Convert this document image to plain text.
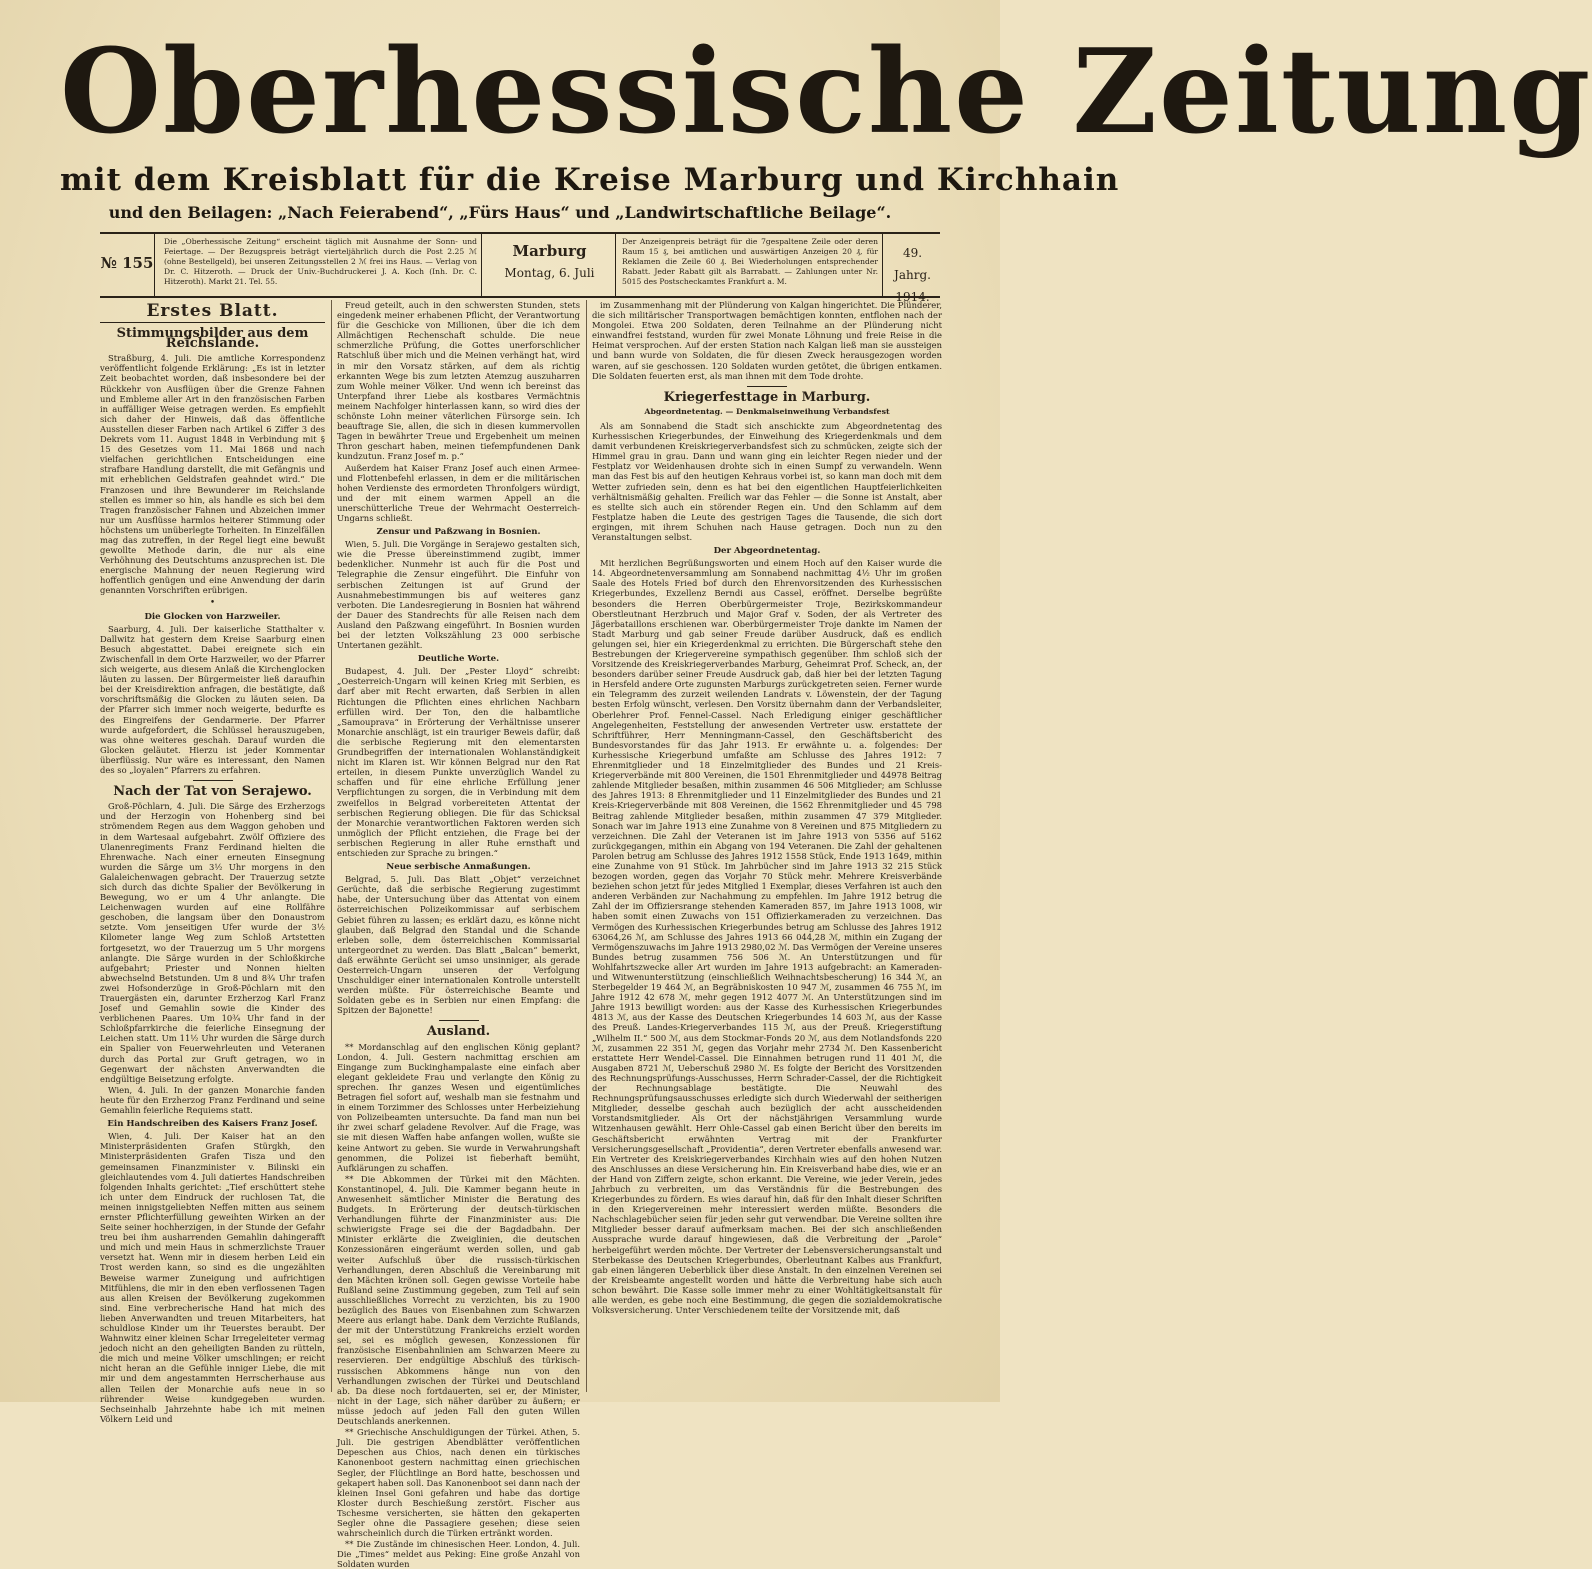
Oberhessische Zeitung
mit dem Kreisblatt für die Kreise Marburg und Kirchhain
und den Beilagen: „Nach Feierabend“, „Fürs Haus“ und „Landwirtschaftliche Beilage“.
№ 155
Die „Oberhessische Zeitung“ erscheint täglich mit Ausnahme der Sonn- und Feiertage. — Der Bezugspreis beträgt vierteljährlich durch die Post 2.25 ℳ (ohne Bestellgeld), bei unseren Zeitungsstellen 2 ℳ frei ins Haus. — Verlag von Dr. C. Hitzeroth. — Druck der Univ.-Buchdruckerei J. A. Koch (Inh. Dr. C. Hitzeroth). Markt 21. Tel. 55.
Marburg
Montag, 6. Juli
Der Anzeigenpreis beträgt für die 7gespaltene Zeile oder deren Raum 15 ₰, bei amtlichen und auswärtigen Anzeigen 20 ₰, für Reklamen die Zeile 60 ₰. Bei Wiederholungen entsprechender Rabatt. Jeder Rabatt gilt als Barrabatt. — Zahlungen unter Nr. 5015 des Postscheckamtes Frankfurt a. M.
49. Jahrg.
1914.
Erstes Blatt.
Stimmungsbilder aus dem Reichslande.

Straßburg, 4. Juli. Die amtliche Korrespondenz veröffentlicht folgende Erklärung: „Es ist in letzter Zeit beobachtet worden, daß insbesondere bei der Rückkehr von Ausflügen über die Grenze Fahnen und Embleme aller Art in den französischen Farben in auffälliger Weise getragen werden. Es empfiehlt sich daher der Hinweis, daß das öffentliche Ausstellen dieser Farben nach Artikel 6 Ziffer 3 des Dekrets vom 11. August 1848 in Verbindung mit § 15 des Gesetzes vom 11. Mai 1868 und nach vielfachen gerichtlichen Entscheidungen eine strafbare Handlung darstellt, die mit Gefängnis und mit erheblichen Geldstrafen geahndet wird.“ Die Franzosen und ihre Bewunderer im Reichslande stellen es immer so hin, als handle es sich bei dem Tragen französischer Fahnen und Abzeichen immer nur um Ausflüsse harmlos heiterer Stimmung oder höchstens um unüberlegte Torheiten. In Einzelfällen mag das zutreffen, in der Regel liegt eine bewußt gewollte Methode darin, die nur als eine Verhöhnung des Deutschtums anzusprechen ist. Die energische Mahnung der neuen Regierung wird hoffentlich genügen und eine Anwendung der darin genannten Vorschriften erübrigen.

•
Die Glocken von Harzweiler.

Saarburg, 4. Juli. Der kaiserliche Statthalter v. Dallwitz hat gestern dem Kreise Saarburg einen Besuch abgestattet. Dabei ereignete sich ein Zwischenfall in dem Orte Harzweiler, wo der Pfarrer sich weigerte, aus diesem Anlaß die Kirchenglocken läuten zu lassen. Der Bürgermeister ließ daraufhin bei der Kreisdirektion anfragen, die bestätigte, daß vorschriftsmäßig die Glocken zu läuten seien. Da der Pfarrer sich immer noch weigerte, bedurfte es des Eingreifens der Gendarmerie. Der Pfarrer wurde aufgefordert, die Schlüssel herauszugeben, was ohne weiteres geschah. Darauf wurden die Glocken geläutet. Hierzu ist jeder Kommentar überflüssig. Nur wäre es interessant, den Namen des so „loyalen“ Pfarrers zu erfahren.

Nach der Tat von Serajewo.

Groß-Pöchlarn, 4. Juli. Die Särge des Erzherzogs und der Herzogin von Hohenberg sind bei strömendem Regen aus dem Waggon gehoben und in dem Wartesaal aufgebahrt. Zwölf Offiziere des Ulanenregiments Franz Ferdinand hielten die Ehrenwache. Nach einer erneuten Einsegnung wurden die Särge um 3½ Uhr morgens in den Galaleichenwagen gebracht. Der Trauerzug setzte sich durch das dichte Spalier der Bevölkerung in Bewegung, wo er um 4 Uhr anlangte. Die Leichenwagen wurden auf eine Rollfähre geschoben, die langsam über den Donaustrom setzte. Vom jenseitigen Ufer wurde der 3½ Kilometer lange Weg zum Schloß Artstetten fortgesetzt, wo der Trauerzug um 5 Uhr morgens anlangte. Die Särge wurden in der Schloßkirche aufgebahrt; Priester und Nonnen hielten abwechselnd Betstunden. Um 8 und 8¾ Uhr trafen zwei Hofsonderzüge in Groß-Pöchlarn mit den Trauergästen ein, darunter Erzherzog Karl Franz Josef und Gemahlin sowie die Kinder des verblichenen Paares. Um 10¾ Uhr fand in der Schloßpfarrkirche die feierliche Einsegnung der Leichen statt. Um 11½ Uhr wurden die Särge durch ein Spalier von Feuerwehrleuten und Veteranen durch das Portal zur Gruft getragen, wo in Gegenwart der nächsten Anverwandten die endgültige Beisetzung erfolgte.

Wien, 4. Juli. In der ganzen Monarchie fanden heute für den Erzherzog Franz Ferdinand und seine Gemahlin feierliche Requiems statt.

Ein Handschreiben des Kaisers Franz Josef.

Wien, 4. Juli. Der Kaiser hat an den Ministerpräsidenten Grafen Stürgkh, den Ministerpräsidenten Grafen Tisza und den gemeinsamen Finanzminister v. Bilinski ein gleichlautendes vom 4. Juli datiertes Handschreiben folgenden Inhalts gerichtet: „Tief erschüttert stehe ich unter dem Eindruck der ruchlosen Tat, die meinen innigstgeliebten Neffen mitten aus seinem ernster Pflichterfüllung geweihten Wirken an der Seite seiner hochherzigen, in der Stunde der Gefahr treu bei ihm ausharrenden Gemahlin dahingerafft und mich und mein Haus in schmerzlichste Trauer versetzt hat. Wenn mir in diesem herben Leid ein Trost werden kann, so sind es die ungezählten Beweise warmer Zuneigung und aufrichtigen Mitfühlens, die mir in den eben verflossenen Tagen aus allen Kreisen der Bevölkerung zugekommen sind. Eine verbrecherische Hand hat mich des lieben Anverwandten und treuen Mitarbeiters, hat schuldlose Kinder um ihr Teuerstes beraubt. Der Wahnwitz einer kleinen Schar Irregeleiteter vermag jedoch nicht an den geheiligten Banden zu rütteln, die mich und meine Völker umschlingen; er reicht nicht heran an die Gefühle inniger Liebe, die mit mir und dem angestammten Herrscherhause aus allen Teilen der Monarchie aufs neue in so rührender Weise kundgegeben wurden. Sechseinhalb Jahrzehnte habe ich mit meinen Völkern Leid und

Freud geteilt, auch in den schwersten Stunden, stets eingedenk meiner erhabenen Pflicht, der Verantwortung für die Geschicke von Millionen, über die ich dem Allmächtigen Rechenschaft schulde. Die neue schmerzliche Prüfung, die Gottes unerforschlicher Ratschluß über mich und die Meinen verhängt hat, wird in mir den Vorsatz stärken, auf dem als richtig erkannten Wege bis zum letzten Atemzug auszuharren zum Wohle meiner Völker. Und wenn ich bereinst das Unterpfand ihrer Liebe als kostbares Vermächtnis meinem Nachfolger hinterlassen kann, so wird dies der schönste Lohn meiner väterlichen Fürsorge sein. Ich beauftrage Sie, allen, die sich in diesen kummervollen Tagen in bewährter Treue und Ergebenheit um meinen Thron geschart haben, meinen tiefempfundenen Dank kundzutun. Franz Josef m. p.“

Außerdem hat Kaiser Franz Josef auch einen Armee- und Flottenbefehl erlassen, in dem er die militärischen hohen Verdienste des ermordeten Thronfolgers würdigt, und der mit einem warmen Appell an die unerschütterliche Treue der Wehrmacht Oesterreich-Ungarns schließt.

Zensur und Paßzwang in Bosnien.

Wien, 5. Juli. Die Vorgänge in Serajewo gestalten sich, wie die Presse übereinstimmend zugibt, immer bedenklicher. Nunmehr ist auch für die Post und Telegraphie die Zensur eingeführt. Die Einfuhr von serbischen Zeitungen ist auf Grund der Ausnahmebestimmungen bis auf weiteres ganz verboten. Die Landesregierung in Bosnien hat während der Dauer des Standrechts für alle Reisen nach dem Ausland den Paßzwang eingeführt. In Bosnien wurden bei der letzten Volkszählung 23 000 serbische Untertanen gezählt.

Deutliche Worte.

Budapest, 4. Juli. Der „Pester Lloyd“ schreibt: „Oesterreich-Ungarn will keinen Krieg mit Serbien, es darf aber mit Recht erwarten, daß Serbien in allen Richtungen die Pflichten eines ehrlichen Nachbarn erfüllen wird. Der Ton, den die halbamtliche „Samouprava“ in Erörterung der Verhältnisse unserer Monarchie anschlägt, ist ein trauriger Beweis dafür, daß die serbische Regierung mit den elementarsten Grundbegriffen der internationalen Wohlanständigkeit nicht im Klaren ist. Wir können Belgrad nur den Rat erteilen, in diesem Punkte unverzüglich Wandel zu schaffen und für eine ehrliche Erfüllung jener Verpflichtungen zu sorgen, die in Verbindung mit dem zweifellos in Belgrad vorbereiteten Attentat der serbischen Regierung obliegen. Die für das Schicksal der Monarchie verantwortlichen Faktoren werden sich unmöglich der Pflicht entziehen, die Frage bei der serbischen Regierung in aller Ruhe ernsthaft und entschieden zur Sprache zu bringen.“

Neue serbische Anmaßungen.

Belgrad, 5. Juli. Das Blatt „Objet“ verzeichnet Gerüchte, daß die serbische Regierung zugestimmt habe, der Untersuchung über das Attentat von einem österreichischen Polizeikommissar auf serbischem Gebiet führen zu lassen; es erklärt dazu, es könne nicht glauben, daß Belgrad den Standal und die Schande erleben solle, dem österreichischen Kommissarial untergeordnet zu werden. Das Blatt „Balcan“ bemerkt, daß erwähnte Gerücht sei umso unsinniger, als gerade Oesterreich-Ungarn unseren der Verfolgung Unschuldiger einer internationalen Kontrolle unterstellt werden müßte. Für österreichische Beamte und Soldaten gebe es in Serbien nur einen Empfang: die Spitzen der Bajonette!

Ausland.

** Mordanschlag auf den englischen König geplant? London, 4. Juli. Gestern nachmittag erschien am Eingange zum Buckinghampalaste eine einfach aber elegant gekleidete Frau und verlangte den König zu sprechen. Ihr ganzes Wesen und eigentümliches Betragen fiel sofort auf, weshalb man sie festnahm und in einem Torzimmer des Schlosses unter Herbeiziehung von Polizeibeamten untersuchte. Da fand man nun bei ihr zwei scharf geladene Revolver. Auf die Frage, was sie mit diesen Waffen habe anfangen wollen, wußte sie keine Antwort zu geben. Sie wurde in Verwahrungshaft genommen, die Polizei ist fieberhaft bemüht, Aufklärungen zu schaffen.

** Die Abkommen der Türkei mit den Mächten. Konstantinopel, 4. Juli. Die Kammer begann heute in Anwesenheit sämtlicher Minister die Beratung des Budgets. In Erörterung der deutsch-türkischen Verhandlungen führte der Finanzminister aus: Die schwierigste Frage sei die der Bagdadbahn. Der Minister erklärte die Zweiglinien, die deutschen Konzessionären eingeräumt werden sollen, und gab weiter Aufschluß über die russisch-türkischen Verhandlungen, deren Abschluß die Vereinbarung mit den Mächten krönen soll. Gegen gewisse Vorteile habe Rußland seine Zustimmung gegeben, zum Teil auf sein ausschließliches Vorrecht zu verzichten, bis zu 1900 bezüglich des Baues von Eisenbahnen zum Schwarzen Meere aus erlangt habe. Dank dem Verzichte Rußlands, der mit der Unterstützung Frankreichs erzielt worden sei, sei es möglich gewesen, Konzessionen für französische Eisenbahnlinien am Schwarzen Meere zu reservieren. Der endgültige Abschluß des türkisch-russischen Abkommens hänge nun von den Verhandlungen zwischen der Türkei und Deutschland ab. Da diese noch fortdauerten, sei er, der Minister, nicht in der Lage, sich näher darüber zu äußern; er müsse jedoch auf jeden Fall den guten Willen Deutschlands anerkennen.

** Griechische Anschuldigungen der Türkei. Athen, 5. Juli. Die gestrigen Abendblätter veröffentlichen Depeschen aus Chios, nach denen ein türkisches Kanonenboot gestern nachmittag einen griechischen Segler, der Flüchtlinge an Bord hatte, beschossen und gekapert haben soll. Das Kanonenboot sei dann nach der kleinen Insel Goni gefahren und habe das dortige Kloster durch Beschießung zerstört. Fischer aus Tschesme versicherten, sie hätten den gekaperten Segler ohne die Passagiere gesehen; diese seien wahrscheinlich durch die Türken ertränkt worden.

** Die Zustände im chinesischen Heer. London, 4. Juli. Die „Times“ meldet aus Peking: Eine große Anzahl von Soldaten wurden

im Zusammenhang mit der Plünderung von Kalgan hingerichtet. Die Plünderer, die sich militärischer Transportwagen bemächtigen konnten, entflohen nach der Mongolei. Etwa 200 Soldaten, deren Teilnahme an der Plünderung nicht einwandfrei feststand, wurden für zwei Monate Löhnung und freie Reise in die Heimat versprochen. Auf der ersten Station nach Kalgan ließ man sie aussteigen und bann wurde von Soldaten, die für diesen Zweck herausgezogen worden waren, auf sie geschossen. 120 Soldaten wurden getötet, die übrigen entkamen. Die Soldaten feuerten erst, als man ihnen mit dem Tode drohte.

Kriegerfesttage in Marburg.
Abgeordnetentag. — Denkmalseinweihung Verbandsfest

Als am Sonnabend die Stadt sich anschickte zum Abgeordnetentag des Kurhessischen Kriegerbundes, der Einweihung des Kriegerdenkmals und dem damit verbundenen Kreiskriegerverbandsfest sich zu schmücken, zeigte sich der Himmel grau in grau. Dann und wann ging ein leichter Regen nieder und der Festplatz vor Weidenhausen drohte sich in einen Sumpf zu verwandeln. Wenn man das Fest bis auf den heutigen Kehraus vorbei ist, so kann man doch mit dem Wetter zufrieden sein, denn es hat bei den eigentlichen Hauptfeierlichkeiten verhältnismäßig gehalten. Freilich war das Fehler — die Sonne ist Anstalt, aber es stellte sich auch ein störender Regen ein. Und den Schlamm auf dem Festplatze haben die Leute des gestrigen Tages die Tausende, die sich dort ergingen, mit ihrem Schuhen nach Hause getragen. Doch nun zu den Veranstaltungen selbst.

Der Abgeordnetentag.

Mit herzlichen Begrüßungsworten und einem Hoch auf den Kaiser wurde die 14. Abgeordnetenversammlung am Sonnabend nachmittag 4½ Uhr im großen Saale des Hotels Fried bof durch den Ehrenvorsitzenden des Kurhessischen Kriegerbundes, Exzellenz Berndi aus Cassel, eröffnet. Derselbe begrüßte besonders die Herren Oberbürgermeister Troje, Bezirkskommandeur Oberstleutnant Herzbruch und Major Graf v. Soden, der als Vertreter des Jägerbataillons erschienen war. Oberbürgermeister Troje dankte im Namen der Stadt Marburg und gab seiner Freude darüber Ausdruck, daß es endlich gelungen sei, hier ein Kriegerdenkmal zu errichten. Die Bürgerschaft stehe den Bestrebungen der Kriegervereine sympathisch gegenüber. Ihm schloß sich der Vorsitzende des Kreiskriegerverbandes Marburg, Geheimrat Prof. Scheck, an, der besonders darüber seiner Freude Ausdruck gab, daß hier bei der letzten Tagung in Hersfeld andere Orte zugunsten Marburgs zurückgetreten seien. Ferner wurde ein Telegramm des zurzeit weilenden Landrats v. Löwenstein, der der Tagung besten Erfolg wünscht, verlesen. Den Vorsitz übernahm dann der Verbandsleiter, Oberlehrer Prof. Fennel-Cassel. Nach Erledigung einiger geschäftlicher Angelegenheiten, Feststellung der anwesenden Vertreter usw. erstattete der Schriftführer, Herr Menningmann-Cassel, den Geschäftsbericht des Bundesvorstandes für das Jahr 1913. Er erwähnte u. a. folgendes: Der Kurhessische Kriegerbund umfaßte am Schlusse des Jahres 1912: 7 Ehrenmitglieder und 18 Einzelmitglieder des Bundes und 21 Kreis-Kriegerverbände mit 800 Vereinen, die 1501 Ehrenmitglieder und 44978 Beitrag zahlende Mitglieder besaßen, mithin zusammen 46 506 Mitglieder; am Schlusse des Jahres 1913: 8 Ehrenmitglieder und 11 Einzelmitglieder des Bundes und 21 Kreis-Kriegerverbände mit 808 Vereinen, die 1562 Ehrenmitglieder und 45 798 Beitrag zahlende Mitglieder besaßen, mithin zusammen 47 379 Mitglieder. Sonach war im Jahre 1913 eine Zunahme von 8 Vereinen und 875 Mitgliedern zu verzeichnen. Die Zahl der Veteranen ist im Jahre 1913 von 5356 auf 5162 zurückgegangen, mithin ein Abgang von 194 Veteranen. Die Zahl der gehaltenen Parolen betrug am Schlusse des Jahres 1912 1558 Stück, Ende 1913 1649, mithin eine Zunahme von 91 Stück. Im Jahrbücher sind im Jahre 1913 32 215 Stück bezogen worden, gegen das Vorjahr 70 Stück mehr. Mehrere Kreisverbände beziehen schon jetzt für jedes Mitglied 1 Exemplar, dieses Verfahren ist auch den anderen Verbänden zur Nachahmung zu empfehlen. Im Jahre 1912 betrug die Zahl der im Offiziersrange stehenden Kameraden 857, im Jahre 1913 1008, wir haben somit einen Zuwachs von 151 Offizierkameraden zu verzeichnen. Das Vermögen des Kurhessischen Kriegerbundes betrug am Schlusse des Jahres 1912 63064,26 ℳ, am Schlusse des Jahres 1913 66 044,28 ℳ, mithin ein Zugang der Vermögenszuwachs im Jahre 1913 2980,02 ℳ. Das Vermögen der Vereine unseres Bundes betrug zusammen 756 506 ℳ. An Unterstützungen und für Wohlfahrtszwecke aller Art wurden im Jahre 1913 aufgebracht: an Kameraden- und Witwenunterstützung (einschließlich Weihnachtsbescherung) 16 344 ℳ, an Sterbegelder 19 464 ℳ, an Begräbniskosten 10 947 ℳ, zusammen 46 755 ℳ, im Jahre 1912 42 678 ℳ, mehr gegen 1912 4077 ℳ. An Unterstützungen sind im Jahre 1913 bewilligt worden: aus der Kasse des Kurhessischen Kriegerbundes 4813 ℳ, aus der Kasse des Deutschen Kriegerbundes 14 603 ℳ, aus der Kasse des Preuß. Landes-Kriegerverbandes 115 ℳ, aus der Preuß. Kriegerstiftung „Wilhelm II.“ 500 ℳ, aus dem Stockmar-Fonds 20 ℳ, aus dem Notlandsfonds 220 ℳ, zusammen 22 351 ℳ, gegen das Vorjahr mehr 2734 ℳ. Den Kassenbericht erstattete Herr Wendel-Cassel. Die Einnahmen betrugen rund 11 401 ℳ, die Ausgaben 8721 ℳ, Ueberschuß 2980 ℳ. Es folgte der Bericht des Vorsitzenden des Rechnungsprüfungs-Ausschusses, Herrn Schrader-Cassel, der die Richtigkeit der Rechnungsablage bestätigte. Die Neuwahl des Rechnungsprüfungsausschusses erledigte sich durch Wiederwahl der seitherigen Mitglieder, desselbe geschah auch bezüglich der acht ausscheidenden Vorstandsmitglieder. Als Ort der nächstjährigen Versammlung wurde Witzenhausen gewählt. Herr Ohle-Cassel gab einen Bericht über den bereits im Geschäftsbericht erwähnten Vertrag mit der Frankfurter Versicherungsgesellschaft „Providentia“, deren Vertreter ebenfalls anwesend war. Ein Vertreter des Kreiskriegerverbandes Kirchhain wies auf den hohen Nutzen des Anschlusses an diese Versicherung hin. Ein Kreisverband habe dies, wie er an der Hand von Ziffern zeigte, schon erkannt. Die Vereine, wie jeder Verein, jedes Jahrbuch zu verbreiten, um das Verständnis für die Bestrebungen des Kriegerbundes zu fördern. Es wies darauf hin, daß für den Inhalt dieser Schriften in den Kriegervereinen mehr interessiert werden müßte. Besonders die Nachschlagebücher seien für jeden sehr gut verwendbar. Die Vereine sollten ihre Mitglieder besser darauf aufmerksam machen. Bei der sich anschließenden Aussprache wurde darauf hingewiesen, daß die Verbreitung der „Parole“ herbeigeführt werden möchte. Der Vertreter der Lebensversicherungsanstalt und Sterbekasse des Deutschen Kriegerbundes, Oberleutnant Kalbes aus Frankfurt, gab einen längeren Ueberblick über diese Anstalt. In den einzelnen Vereinen sei der Kreisbeamte angestellt worden und hätte die Verbreitung habe sich auch schon bewährt. Die Kasse solle immer mehr zu einer Wohltätigkeitsanstalt für alle werden, es gebe noch eine Bestimmung, die gegen die sozialdemokratische Volksversicherung. Unter Verschiedenem teilte der Vorsitzende mit, daß
